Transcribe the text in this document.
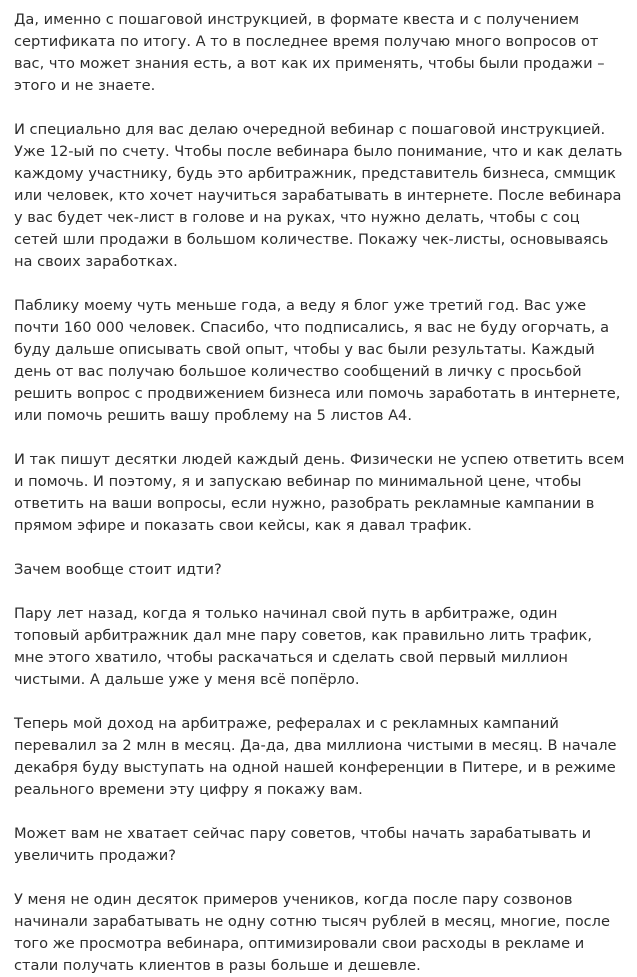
Да, именно с пошаговой инструкцией, в формате квеста и с получением сертификата по итогу. А то в последнее время получаю много вопросов от вас, что может знания есть, а вот как их применять, чтобы были продажи – этого и не знаете.

И специально для вас делаю очередной вебинар с пошаговой инструкцией. Уже 12-ый по счету. Чтобы после вебинара было понимание, что и как делать каждому участнику, будь это арбитражник, представитель бизнеса, сммщик или человек, кто хочет научиться зарабатывать в интернете. После вебинара у вас будет чек-лист в голове и на руках, что нужно делать, чтобы с соц сетей шли продажи в большом количестве. Покажу чек-листы, основываясь на своих заработках.

Паблику моему чуть меньше года, а веду я блог уже третий год. Вас уже почти 160 000 человек. Спасибо, что подписались, я вас не буду огорчать, а буду дальше описывать свой опыт, чтобы у вас были результаты. Каждый день от вас получаю большое количество сообщений в личку с просьбой решить вопрос с продвижением бизнеса или помочь заработать в интернете, или помочь решить вашу проблему на 5 листов А4.

И так пишут десятки людей каждый день. Физически не успею ответить всем и помочь. И поэтому, я и запускаю вебинар по минимальной цене, чтобы ответить на ваши вопросы, если нужно, разобрать рекламные кампании в прямом эфире и показать свои кейсы, как я давал трафик.

Зачем вообще стоит идти?

Пару лет назад, когда я только начинал свой путь в арбитраже, один топовый арбитражник дал мне пару советов, как правильно лить трафик, мне этого хватило, чтобы раскачаться и сделать свой первый миллион чистыми. А дальше уже у меня всё попёрло.

Теперь мой доход на арбитраже, рефералах и с рекламных кампаний перевалил за 2 млн в месяц. Да-да, два миллиона чистыми в месяц. В начале декабря буду выступать на одной нашей конференции в Питере, и в режиме реального времени эту цифру я покажу вам.

Может вам не хватает сейчас пару советов, чтобы начать зарабатывать и увеличить продажи?

У меня не один десяток примеров учеников, когда после пару созвонов начинали зарабатывать не одну сотню тысяч рублей в месяц, многие, после того же просмотра вебинара, оптимизировали свои расходы в рекламе и стали получать клиентов в разы больше и дешевле.
